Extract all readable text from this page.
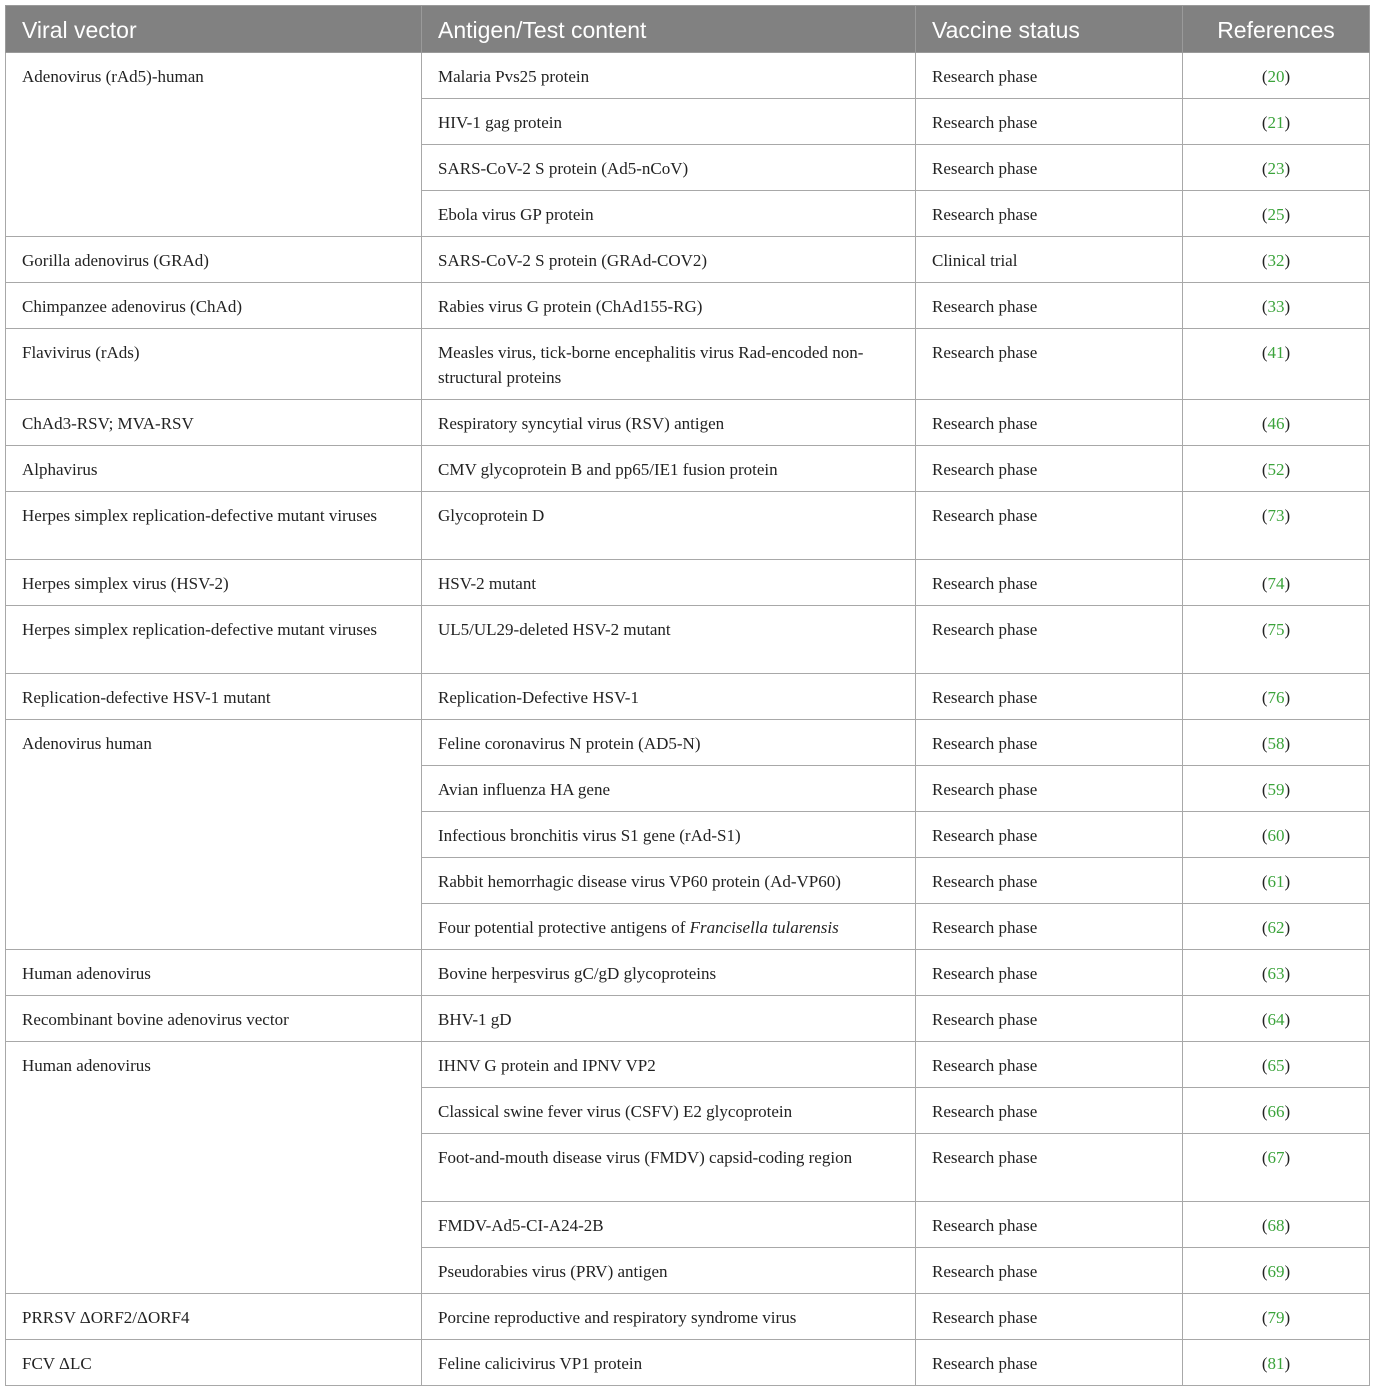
Viral vector	Antigen/Test content	Vaccine status	References
Adenovirus (rAd5)-human	Malaria Pvs25 protein	Research phase	(20)
	HIV-1 gag protein	Research phase	(21)
	SARS-CoV-2 S protein (Ad5-nCoV)	Research phase	(23)
	Ebola virus GP protein	Research phase	(25)
Gorilla adenovirus (GRAd)	SARS-CoV-2 S protein (GRAd-COV2)	Clinical trial	(32)
Chimpanzee adenovirus (ChAd)	Rabies virus G protein (ChAd155-RG)	Research phase	(33)
Flavivirus (rAds)	Measles virus, tick-borne encephalitis virus Rad-encoded non-structural proteins	Research phase	(41)
ChAd3-RSV; MVA-RSV	Respiratory syncytial virus (RSV) antigen	Research phase	(46)
Alphavirus	CMV glycoprotein B and pp65/IE1 fusion protein	Research phase	(52)
Herpes simplex replication-defective mutant viruses	Glycoprotein D	Research phase	(73)
Herpes simplex virus (HSV-2)	HSV-2 mutant	Research phase	(74)
Herpes simplex replication-defective mutant viruses	UL5/UL29-deleted HSV-2 mutant	Research phase	(75)
Replication-defective HSV-1 mutant	Replication-Defective HSV-1	Research phase	(76)
Adenovirus human	Feline coronavirus N protein (AD5-N)	Research phase	(58)
	Avian influenza HA gene	Research phase	(59)
	Infectious bronchitis virus S1 gene (rAd-S1)	Research phase	(60)
	Rabbit hemorrhagic disease virus VP60 protein (Ad-VP60)	Research phase	(61)
	Four potential protective antigens of Francisella tularensis	Research phase	(62)
Human adenovirus	Bovine herpesvirus gC/gD glycoproteins	Research phase	(63)
Recombinant bovine adenovirus vector	BHV-1 gD	Research phase	(64)
Human adenovirus	IHNV G protein and IPNV VP2	Research phase	(65)
	Classical swine fever virus (CSFV) E2 glycoprotein	Research phase	(66)
	Foot-and-mouth disease virus (FMDV) capsid-coding region	Research phase	(67)
	FMDV-Ad5-CI-A24-2B	Research phase	(68)
	Pseudorabies virus (PRV) antigen	Research phase	(69)
PRRSV ΔORF2/ΔORF4	Porcine reproductive and respiratory syndrome virus	Research phase	(79)
FCV ΔLC	Feline calicivirus VP1 protein	Research phase	(81)
